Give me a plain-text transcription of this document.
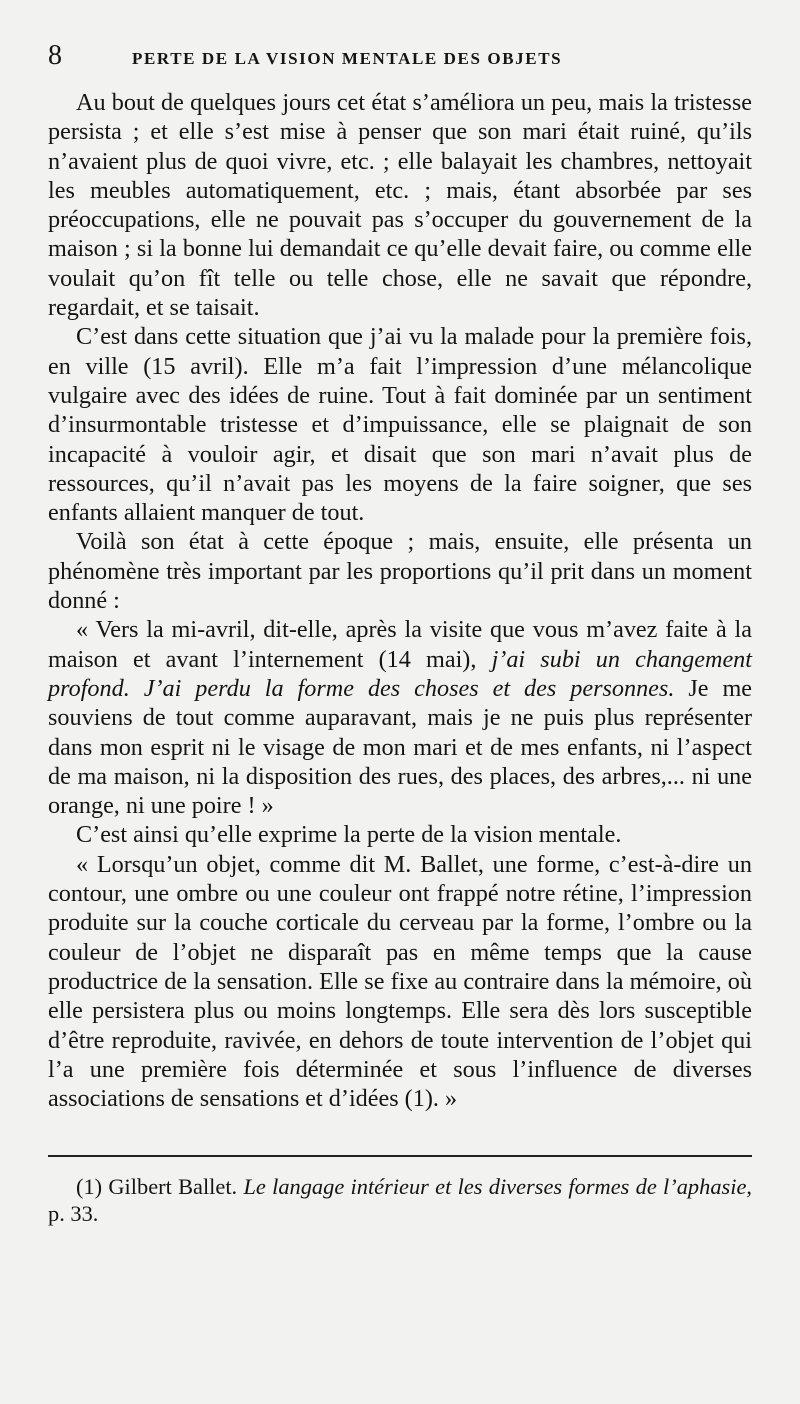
8	PERTE DE LA VISION MENTALE DES OBJETS

Au bout de quelques jours cet état s’améliora un peu, mais la tristesse persista ; et elle s’est mise à penser que son mari était ruiné, qu’ils n’avaient plus de quoi vivre, etc. ; elle balayait les chambres, nettoyait les meubles automatiquement, etc. ; mais, étant absorbée par ses préoccupations, elle ne pouvait pas s’occuper du gouvernement de la maison ; si la bonne lui demandait ce qu’elle devait faire, ou comme elle voulait qu’on fît telle ou telle chose, elle ne savait que répondre, regardait, et se taisait.

C’est dans cette situation que j’ai vu la malade pour la première fois, en ville (15 avril). Elle m’a fait l’impression d’une mélancolique vulgaire avec des idées de ruine. Tout à fait dominée par un sentiment d’insurmontable tristesse et d’impuissance, elle se plaignait de son incapacité à vouloir agir, et disait que son mari n’avait plus de ressources, qu’il n’avait pas les moyens de la faire soigner, que ses enfants allaient manquer de tout.

Voilà son état à cette époque ; mais, ensuite, elle présenta un phénomène très important par les proportions qu’il prit dans un moment donné :

« Vers la mi-avril, dit-elle, après la visite que vous m’avez faite à la maison et avant l’internement (14 mai), j’ai subi un changement profond. J’ai perdu la forme des choses et des personnes. Je me souviens de tout comme auparavant, mais je ne puis plus représenter dans mon esprit ni le visage de mon mari et de mes enfants, ni l’aspect de ma maison, ni la disposition des rues, des places, des arbres,... ni une orange, ni une poire ! »

C’est ainsi qu’elle exprime la perte de la vision mentale.

« Lorsqu’un objet, comme dit M. Ballet, une forme, c’est-à-dire un contour, une ombre ou une couleur ont frappé notre rétine, l’impression produite sur la couche corticale du cerveau par la forme, l’ombre ou la couleur de l’objet ne disparaît pas en même temps que la cause productrice de la sensation. Elle se fixe au contraire dans la mémoire, où elle persistera plus ou moins longtemps. Elle sera dès lors susceptible d’être reproduite, ravivée, en dehors de toute intervention de l’objet qui l’a une première fois déterminée et sous l’influence de diverses associations de sensations et d’idées (1). »

(1) Gilbert Ballet. Le langage intérieur et les diverses formes de l’aphasie, p. 33.
